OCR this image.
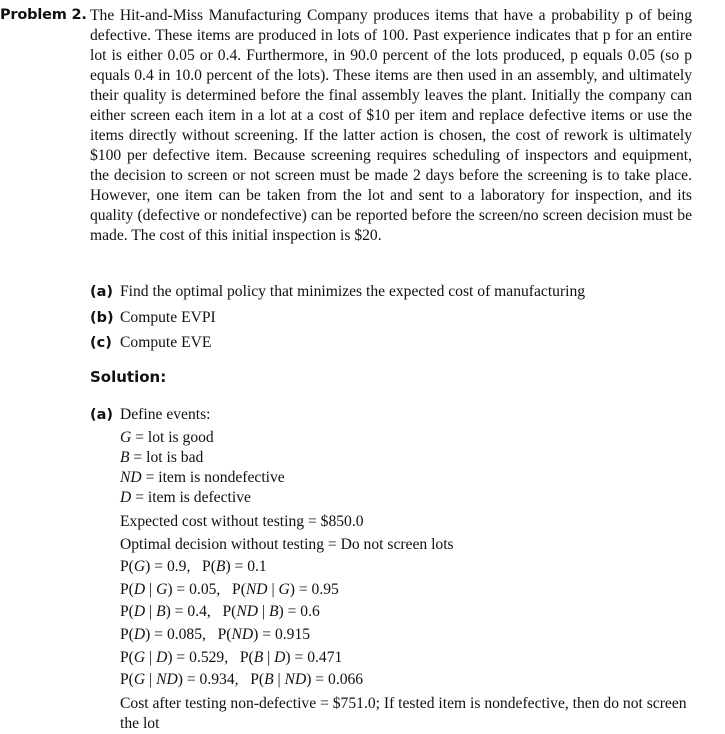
Problem 2. The Hit-and-Miss Manufacturing Company produces items that have a probability p of being defective. These items are produced in lots of 100. Past experience indicates that p for an entire lot is either 0.05 or 0.4. Furthermore, in 90.0 percent of the lots produced, p equals 0.05 (so p equals 0.4 in 10.0 percent of the lots). These items are then used in an assembly, and ultimately their quality is determined before the final assembly leaves the plant. Initially the company can either screen each item in a lot at a cost of $10 per item and replace defective items or use the items directly without screening. If the latter action is chosen, the cost of rework is ultimately $100 per defective item. Because screening requires scheduling of inspectors and equipment, the decision to screen or not screen must be made 2 days before the screening is to take place. However, one item can be taken from the lot and sent to a laboratory for inspection, and its quality (defective or nondefective) can be reported before the screen/no screen decision must be made. The cost of this initial inspection is $20.

(a) Find the optimal policy that minimizes the expected cost of manufacturing
(b) Compute EVPI
(c) Compute EVE
Solution:
(a) Define events:
G = lot is good
B = lot is bad
ND = item is nondefective
D = item is defective
Expected cost without testing = $850.0
Optimal decision without testing = Do not screen lots
P(G) = 0.9,   P(B) = 0.1
P(D | G) = 0.05,   P(ND | G) = 0.95
P(D | B) = 0.4,   P(ND | B) = 0.6
P(D) = 0.085,   P(ND) = 0.915
P(G | D) = 0.529,   P(B | D) = 0.471
P(G | ND) = 0.934,   P(B | ND) = 0.066
Cost after testing non-defective = $751.0; If tested item is nondefective, then do not screen the lot
